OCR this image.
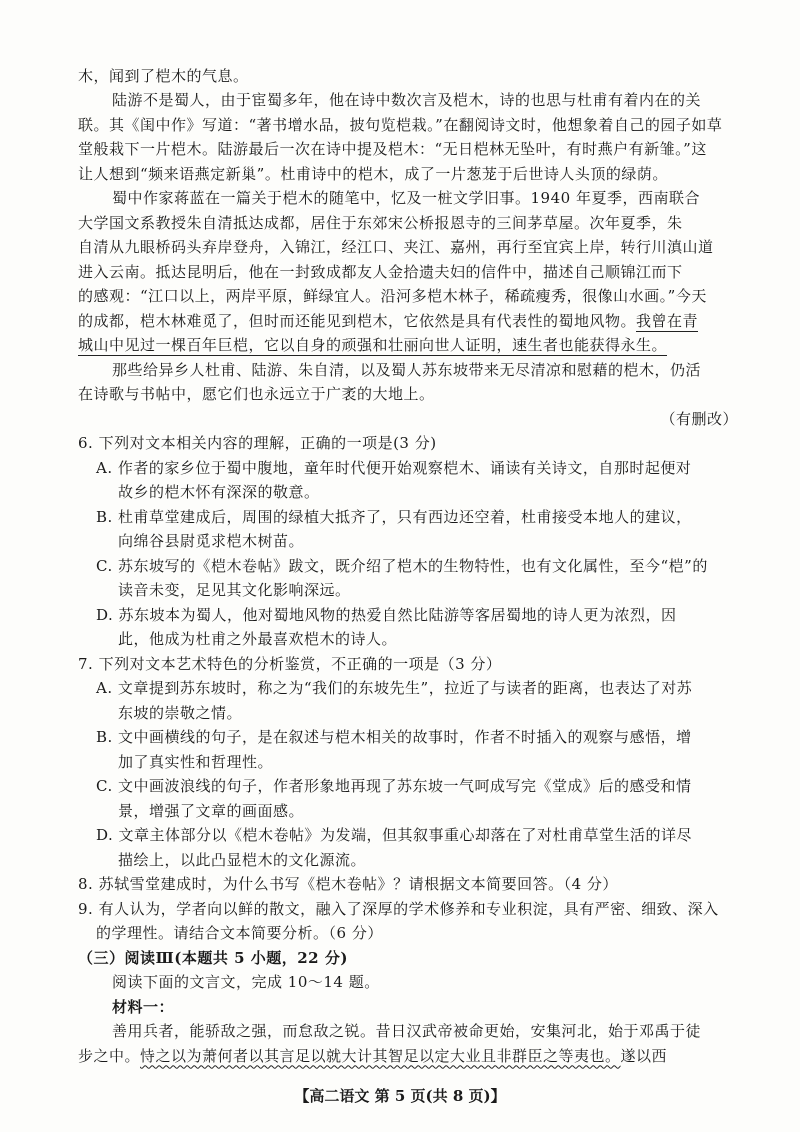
木，闻到了桤木的气息。
陆游不是蜀人，由于宦蜀多年，他在诗中数次言及桤木，诗的也思与杜甫有着内在的关
联。其《闺中作》写道：“著书增水品，披句览桤栽。”在翻阅诗文时，他想象着自己的园子如草
堂般栽下一片桤木。陆游最后一次在诗中提及桤木：“无日桤林无坠叶，有时燕户有新雏。”这
让人想到“频来语燕定新巢”。杜甫诗中的桤木，成了一片葱茏于后世诗人头顶的绿荫。
蜀中作家蒋蓝在一篇关于桤木的随笔中，忆及一桩文学旧事。1940 年夏季，西南联合
大学国文系教授朱自清抵达成都，居住于东郊宋公桥报恩寺的三间茅草屋。次年夏季，朱
自清从九眼桥码头弃岸登舟，入锦江，经江口、夹江、嘉州，再行至宜宾上岸，转行川滇山道
进入云南。抵达昆明后，他在一封致成都友人金拾遗夫妇的信件中，描述自己顺锦江而下
的感观：“江口以上，两岸平原，鲜绿宜人。沿河多桤木林子，稀疏瘦秀，很像山水画。”今天
的成都，桤木林难觅了，但时而还能见到桤木，它依然是具有代表性的蜀地风物。我曾在青
城山中见过一棵百年巨桤，它以自身的顽强和壮丽向世人证明，速生者也能获得永生。
那些给异乡人杜甫、陆游、朱自清，以及蜀人苏东坡带来无尽清凉和慰藉的桤木，仍活
在诗歌与书帖中，愿它们也永远立于广袤的大地上。
（有删改）
6. 下列对文本相关内容的理解，正确的一项是(3 分)
A. 作者的家乡位于蜀中腹地，童年时代便开始观察桤木、诵读有关诗文，自那时起便对
故乡的桤木怀有深深的敬意。
B. 杜甫草堂建成后，周围的绿植大抵齐了，只有西边还空着，杜甫接受本地人的建议，
向绵谷县尉觅求桤木树苗。
C. 苏东坡写的《桤木卷帖》跋文，既介绍了桤木的生物特性，也有文化属性，至今“桤”的
读音未变，足见其文化影响深远。
D. 苏东坡本为蜀人，他对蜀地风物的热爱自然比陆游等客居蜀地的诗人更为浓烈，因
此，他成为杜甫之外最喜欢桤木的诗人。
7. 下列对文本艺术特色的分析鉴赏，不正确的一项是（3 分）
A. 文章提到苏东坡时，称之为“我们的东坡先生”，拉近了与读者的距离，也表达了对苏
东坡的崇敬之情。
B. 文中画横线的句子，是在叙述与桤木相关的故事时，作者不时插入的观察与感悟，增
加了真实性和哲理性。
C. 文中画波浪线的句子，作者形象地再现了苏东坡一气呵成写完《堂成》后的感受和情
景，增强了文章的画面感。
D. 文章主体部分以《桤木卷帖》为发端，但其叙事重心却落在了对杜甫草堂生活的详尽
描绘上，以此凸显桤木的文化源流。
【高二语文 第 5 页(共 8 页)】
8. 苏轼雪堂建成时，为什么书写《桤木卷帖》？请根据文本简要回答。（4 分）
9. 有人认为，学者向以鲜的散文，融入了深厚的学术修养和专业积淀，具有严密、细致、深入
的学理性。请结合文本简要分析。（6 分）
（三）阅读Ⅲ(本题共 5 小题，22 分)
阅读下面的文言文，完成 10～14 题。
材料一：
善用兵者，能骄敌之强，而怠敌之锐。昔日汉武帝被命更始，安集河北，始于邓禹于徒
步之中。恃之以为萧何者以其言足以就大计其智足以定大业且非群臣之等夷也。遂以西
